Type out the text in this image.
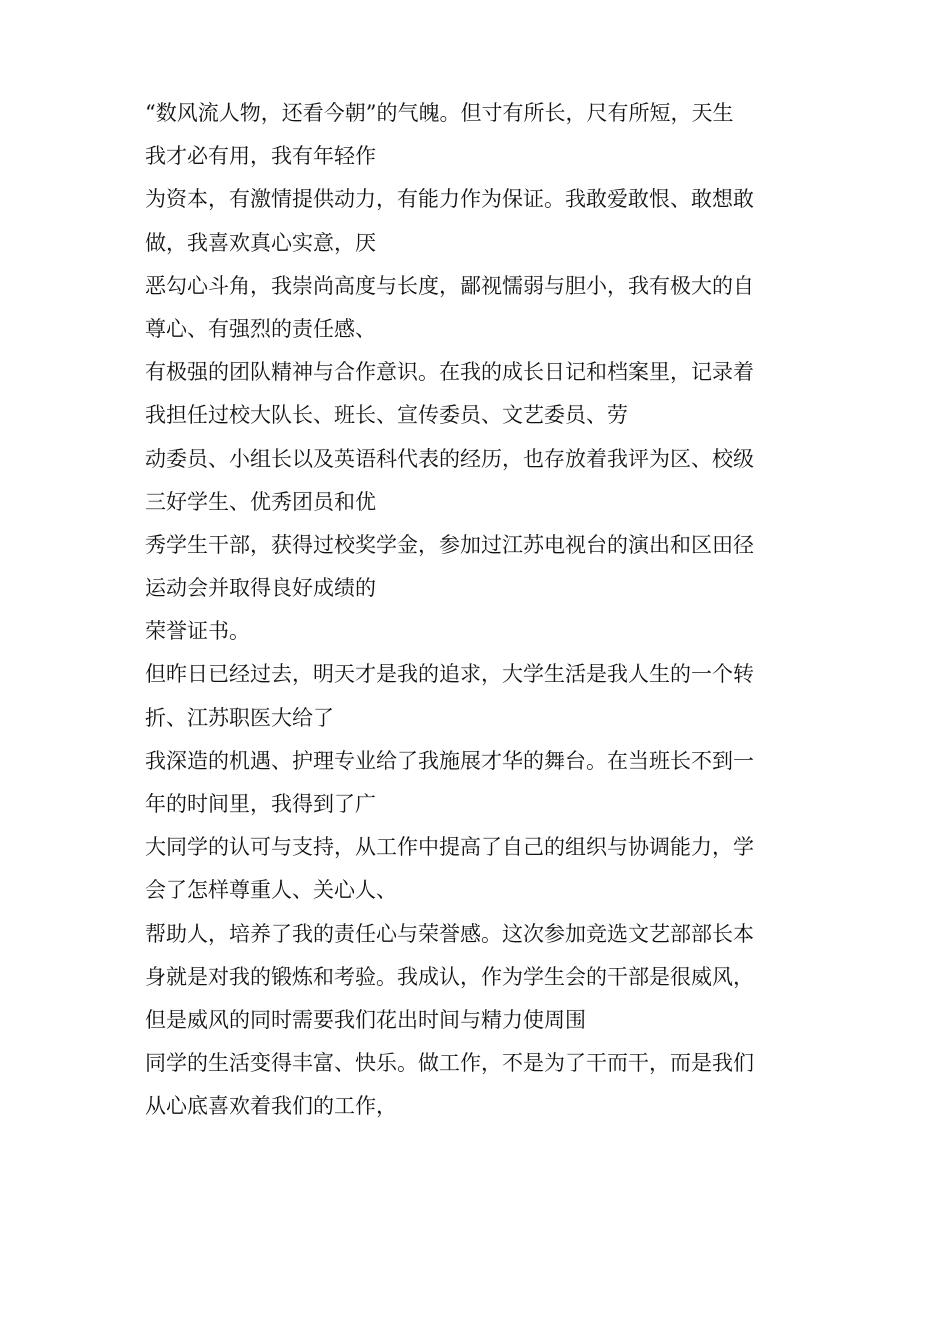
“数风流人物，还看今朝”的气魄。但寸有所长，尺有所短，天生
我才必有用，我有年轻作
为资本，有激情提供动力，有能力作为保证。我敢爱敢恨、敢想敢
做，我喜欢真心实意，厌
恶勾心斗角，我崇尚高度与长度，鄙视懦弱与胆小，我有极大的自
尊心、有强烈的责任感、
有极强的团队精神与合作意识。在我的成长日记和档案里，记录着
我担任过校大队长、班长、宣传委员、文艺委员、劳
动委员、小组长以及英语科代表的经历，也存放着我评为区、校级
三好学生、优秀团员和优
秀学生干部，获得过校奖学金，参加过江苏电视台的演出和区田径
运动会并取得良好成绩的
荣誉证书。
但昨日已经过去，明天才是我的追求，大学生活是我人生的一个转
折、江苏职医大给了
我深造的机遇、护理专业给了我施展才华的舞台。在当班长不到一
年的时间里，我得到了广
大同学的认可与支持，从工作中提高了自己的组织与协调能力，学
会了怎样尊重人、关心人、
帮助人，培养了我的责任心与荣誉感。这次参加竞选文艺部部长本
身就是对我的锻炼和考验。我成认，作为学生会的干部是很威风，
但是威风的同时需要我们花出时间与精力使周围
同学的生活变得丰富、快乐。做工作，不是为了干而干，而是我们
从心底喜欢着我们的工作，
